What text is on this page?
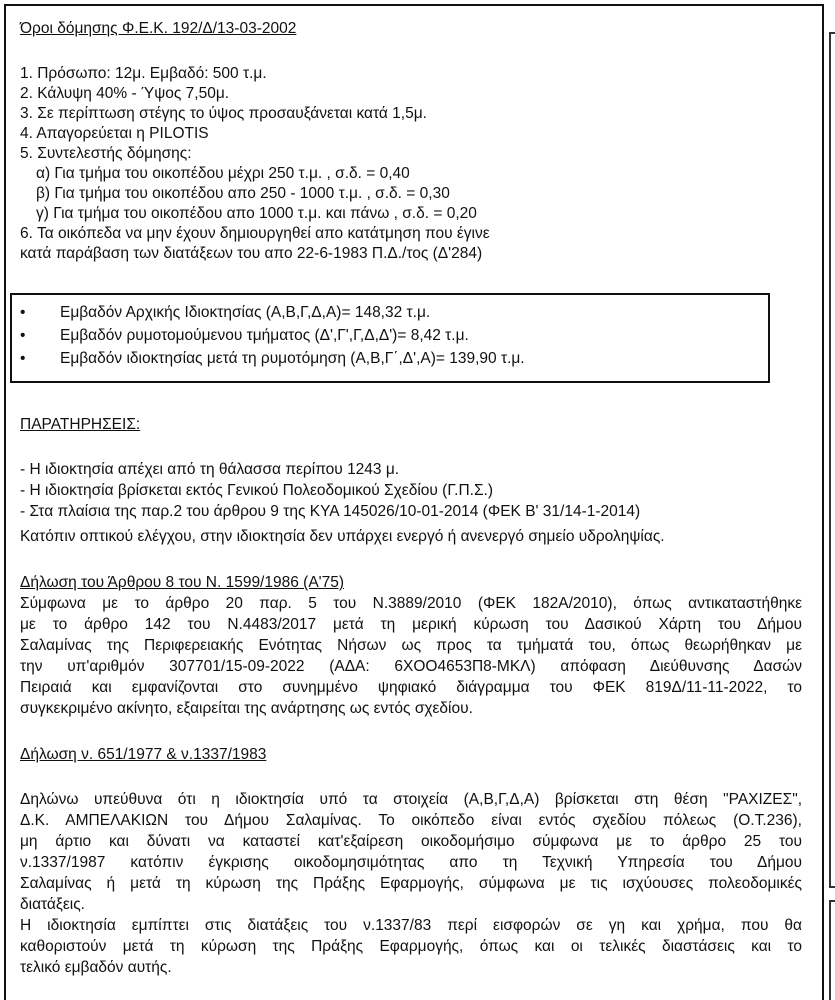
Όροι δόμησης Φ.Ε.Κ. 192/Δ/13-03-2002
1. Πρόσωπο: 12μ. Εμβαδό: 500 τ.μ.
2. Κάλυψη 40% - Ύψος 7,50μ.
3. Σε περίπτωση στέγης το ύψος προσαυξάνεται κατά 1,5μ.
4. Απαγορεύεται η PILOTIS
5. Συντελεστής δόμησης:
α) Για τμήμα του οικοπέδου μέχρι 250 τ.μ. , σ.δ. = 0,40
β) Για τμήμα του οικοπέδου απο 250 - 1000 τ.μ. , σ.δ. = 0,30
γ) Για τμήμα του οικοπέδου απο 1000 τ.μ. και πάνω , σ.δ. = 0,20
6. Τα οικόπεδα να μην έχουν δημιουργηθεί απο κατάτμηση που έγινε
κατά παράβαση των διατάξεων του απο 22-6-1983 Π.Δ./τος (Δ'284)
• Εμβαδόν Αρχικής Ιδιοκτησίας (Α,Β,Γ,Δ,Α)= 148,32 τ.μ.
• Εμβαδόν ρυμοτομούμενου τμήματος (Δ',Γ',Γ,Δ,Δ')= 8,42 τ.μ.
• Εμβαδόν ιδιοκτησίας μετά τη ρυμοτόμηση (Α,Β,Γ΄,Δ',Α)= 139,90 τ.μ.
ΠΑΡΑΤΗΡΗΣΕΙΣ:
- Η ιδιοκτησία απέχει από τη θάλασσα περίπου 1243 μ.
- Η ιδιοκτησία βρίσκεται εκτός Γενικού Πολεοδομικού Σχεδίου (Γ.Π.Σ.)
- Στα πλαίσια της παρ.2 του άρθρου 9 της ΚΥΑ 145026/10-01-2014 (ΦΕΚ Β' 31/14-1-2014)
Κατόπιν οπτικού ελέγχου, στην ιδιοκτησία δεν υπάρχει ενεργό ή ανενεργό σημείο υδροληψίας.
Δήλωση του Άρθρου 8 του Ν. 1599/1986 (Α'75)
Σύμφωνα με το άρθρο 20 παρ. 5 του Ν.3889/2010 (ΦΕΚ 182Α/2010), όπως αντικαταστήθηκε
με το άρθρο 142 του Ν.4483/2017 μετά τη μερική κύρωση του Δασικού Χάρτη του Δήμου
Σαλαμίνας της Περιφερειακής Ενότητας Νήσων ως προς τα τμήματά του, όπως θεωρήθηκαν με
την υπ'αριθμόν 307701/15-09-2022 (ΑΔΑ: 6ΧΟΟ4653Π8-ΜΚΛ) απόφαση Διεύθυνσης Δασών
Πειραιά και εμφανίζονται στο συνημμένο ψηφιακό διάγραμμα του ΦΕΚ 819Δ/11-11-2022, το
συγκεκριμένο ακίνητο, εξαιρείται της ανάρτησης ως εντός σχεδίου.
Δήλωση ν. 651/1977 & ν.1337/1983
Δηλώνω υπεύθυνα ότι η ιδιοκτησία υπό τα στοιχεία (Α,Β,Γ,Δ,Α) βρίσκεται στη θέση "ΡΑΧΙΖΕΣ",
Δ.Κ. ΑΜΠΕΛΑΚΙΩΝ του Δήμου Σαλαμίνας. Το οικόπεδο είναι εντός σχεδίου πόλεως (Ο.Τ.236),
μη άρτιο και δύνατι να καταστεί κατ'εξαίρεση οικοδομήσιμο σύμφωνα με το άρθρο 25 του
ν.1337/1987 κατόπιν έγκρισης οικοδομησιμότητας απο τη Τεχνική Υπηρεσία του Δήμου
Σαλαμίνας ή μετά τη κύρωση της Πράξης Εφαρμογής, σύμφωνα με τις ισχύουσες πολεοδομικές
διατάξεις.
Η ιδιοκτησία εμπίπτει στις διατάξεις του ν.1337/83 περί εισφορών σε γη και χρήμα, που θα
καθοριστούν μετά τη κύρωση της Πράξης Εφαρμογής, όπως και οι τελικές διαστάσεις και το
τελικό εμβαδόν αυτής.
